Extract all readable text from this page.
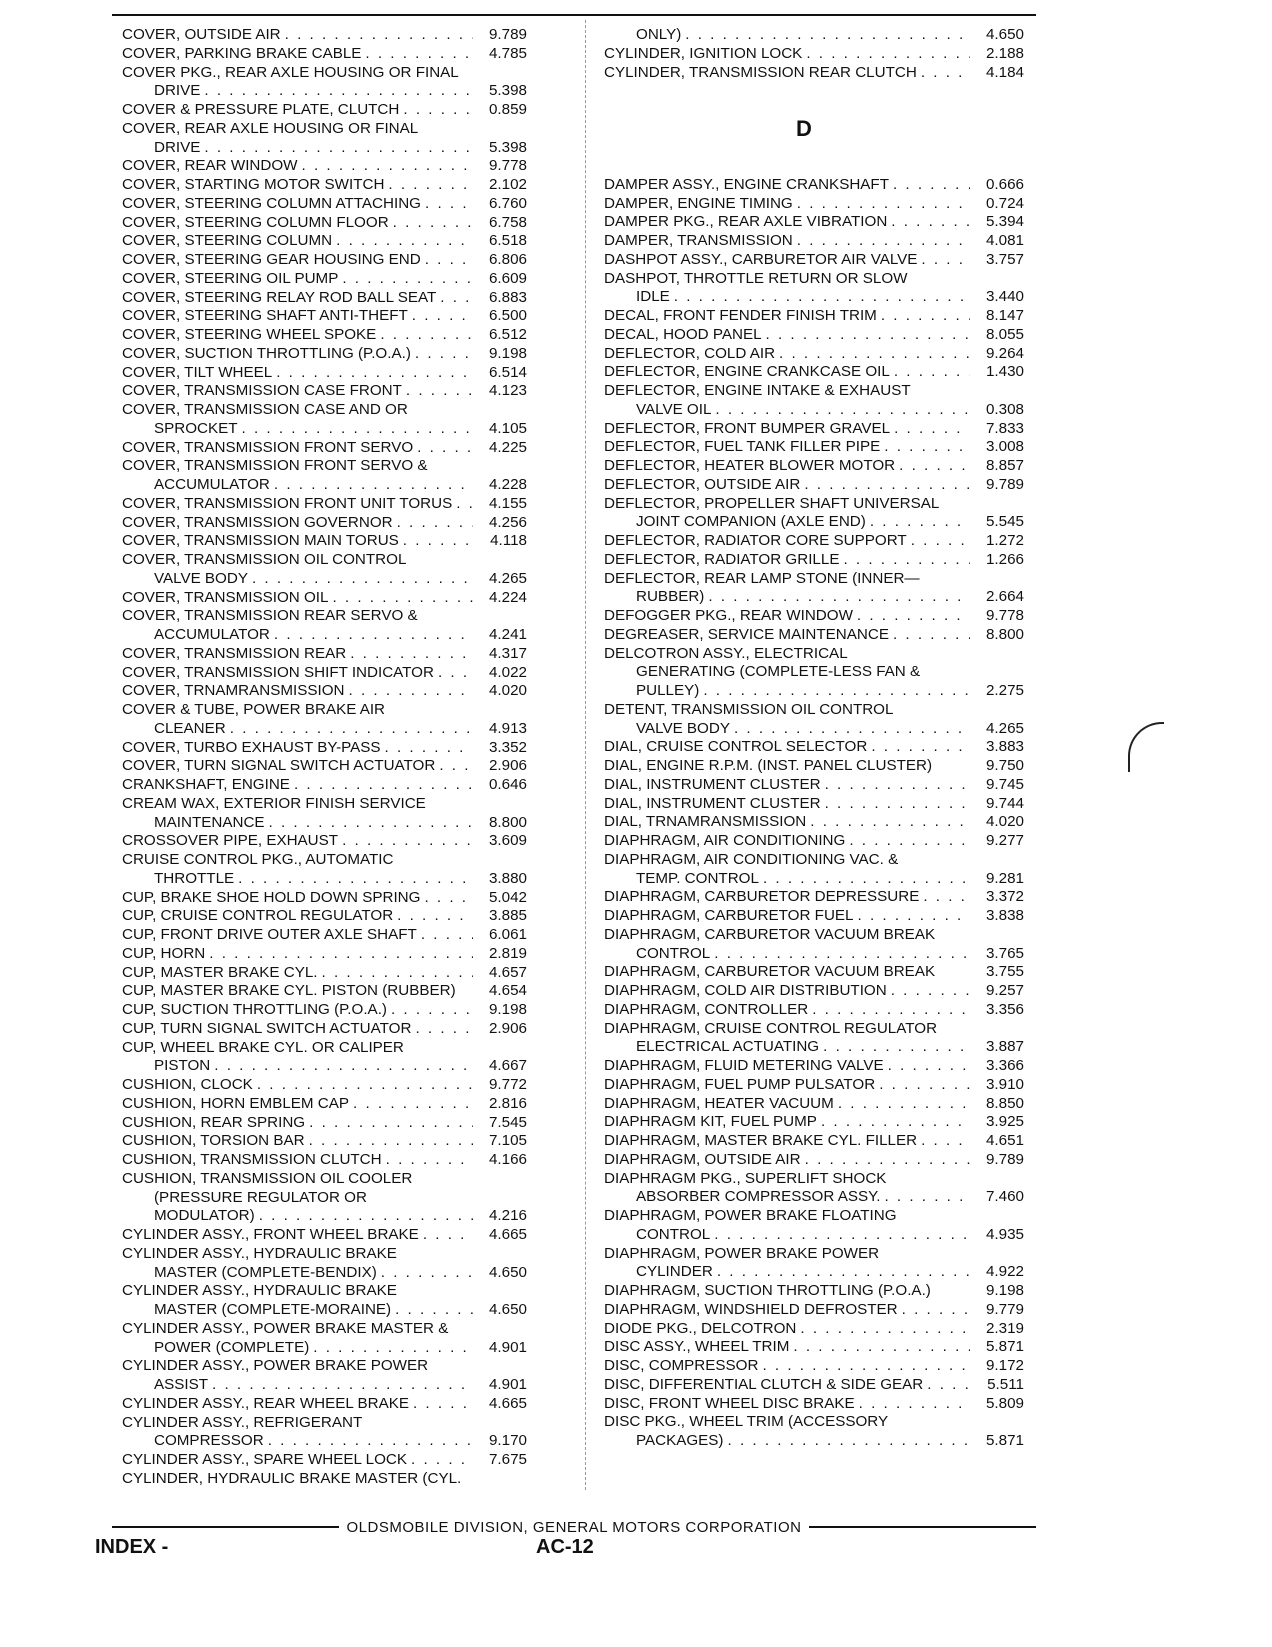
COVER, OUTSIDE AIR . . .	9.789
COVER, PARKING BRAKE CABLE . . .	4.785
COVER PKG., REAR AXLE HOUSING OR FINAL
DRIVE . . .	5.398
COVER & PRESSURE PLATE, CLUTCH . . .	0.859
COVER, REAR AXLE HOUSING OR FINAL
DRIVE . . .	5.398
COVER, REAR WINDOW . . .	9.778
COVER, STARTING MOTOR SWITCH . . .	2.102
COVER, STEERING COLUMN ATTACHING . . .	6.760
COVER, STEERING COLUMN FLOOR . . .	6.758
COVER, STEERING COLUMN . . .	6.518
COVER, STEERING GEAR HOUSING END . . .	6.806
COVER, STEERING OIL PUMP . . .	6.609
COVER, STEERING RELAY ROD BALL SEAT . . .	6.883
COVER, STEERING SHAFT ANTI-THEFT . . .	6.500
COVER, STEERING WHEEL SPOKE . . .	6.512
COVER, SUCTION THROTTLING (P.O.A.) . . .	9.198
COVER, TILT WHEEL . . .	6.514
COVER, TRANSMISSION CASE FRONT . . .	4.123
COVER, TRANSMISSION CASE AND OR
SPROCKET . . .	4.105
COVER, TRANSMISSION FRONT SERVO . . .	4.225
COVER, TRANSMISSION FRONT SERVO &
ACCUMULATOR . . .	4.228
COVER, TRANSMISSION FRONT UNIT TORUS . . .	4.155
COVER, TRANSMISSION GOVERNOR . . .	4.256
COVER, TRANSMISSION MAIN TORUS . . .	4.118
COVER, TRANSMISSION OIL CONTROL
VALVE BODY . . .	4.265
COVER, TRANSMISSION OIL . . .	4.224
COVER, TRANSMISSION REAR SERVO &
ACCUMULATOR . . .	4.241
COVER, TRANSMISSION REAR . . .	4.317
COVER, TRANSMISSION SHIFT INDICATOR . . .	4.022
COVER, TRNAMRANSMISSION . . .	4.020
COVER & TUBE, POWER BRAKE AIR
CLEANER . . .	4.913
COVER, TURBO EXHAUST BY-PASS . . .	3.352
COVER, TURN SIGNAL SWITCH ACTUATOR . . .	2.906
CRANKSHAFT, ENGINE . . .	0.646
CREAM WAX, EXTERIOR FINISH SERVICE
MAINTENANCE . . .	8.800
CROSSOVER PIPE, EXHAUST . . .	3.609
CRUISE CONTROL PKG., AUTOMATIC
THROTTLE . . .	3.880
CUP, BRAKE SHOE HOLD DOWN SPRING . . .	5.042
CUP, CRUISE CONTROL REGULATOR . . .	3.885
CUP, FRONT DRIVE OUTER AXLE SHAFT . . .	6.061
CUP, HORN . . .	2.819
CUP, MASTER BRAKE CYL. . . .	4.657
CUP, MASTER BRAKE CYL. PISTON (RUBBER)	4.654
CUP, SUCTION THROTTLING (P.O.A.) . . .	9.198
CUP, TURN SIGNAL SWITCH ACTUATOR . . .	2.906
CUP, WHEEL BRAKE CYL. OR CALIPER
PISTON . . .	4.667
CUSHION, CLOCK . . .	9.772
CUSHION, HORN EMBLEM CAP . . .	2.816
CUSHION, REAR SPRING . . .	7.545
CUSHION, TORSION BAR . . .	7.105
CUSHION, TRANSMISSION CLUTCH . . .	4.166
CUSHION, TRANSMISSION OIL COOLER
(PRESSURE REGULATOR OR
MODULATOR) . . .	4.216
CYLINDER ASSY., FRONT WHEEL BRAKE . . .	4.665
CYLINDER ASSY., HYDRAULIC BRAKE
MASTER (COMPLETE-BENDIX) . . .	4.650
CYLINDER ASSY., HYDRAULIC BRAKE
MASTER (COMPLETE-MORAINE) . . .	4.650
CYLINDER ASSY., POWER BRAKE MASTER &
POWER (COMPLETE) . . .	4.901
CYLINDER ASSY., POWER BRAKE POWER
ASSIST . . .	4.901
CYLINDER ASSY., REAR WHEEL BRAKE . . .	4.665
CYLINDER ASSY., REFRIGERANT
COMPRESSOR . . .	9.170
CYLINDER ASSY., SPARE WHEEL LOCK . . .	7.675
CYLINDER, HYDRAULIC BRAKE MASTER (CYL.
ONLY) . . .	4.650
CYLINDER, IGNITION LOCK . . .	2.188
CYLINDER, TRANSMISSION REAR CLUTCH . . .	4.184
D
DAMPER ASSY., ENGINE CRANKSHAFT . . .	0.666
DAMPER, ENGINE TIMING . . .	0.724
DAMPER PKG., REAR AXLE VIBRATION . . .	5.394
DAMPER, TRANSMISSION . . .	4.081
DASHPOT ASSY., CARBURETOR AIR VALVE . . .	3.757
DASHPOT, THROTTLE RETURN OR SLOW
IDLE . . .	3.440
DECAL, FRONT FENDER FINISH TRIM . . .	8.147
DECAL, HOOD PANEL . . .	8.055
DEFLECTOR, COLD AIR . . .	9.264
DEFLECTOR, ENGINE CRANKCASE OIL . . .	1.430
DEFLECTOR, ENGINE INTAKE & EXHAUST
VALVE OIL . . .	0.308
DEFLECTOR, FRONT BUMPER GRAVEL . . .	7.833
DEFLECTOR, FUEL TANK FILLER PIPE . . .	3.008
DEFLECTOR, HEATER BLOWER MOTOR . . .	8.857
DEFLECTOR, OUTSIDE AIR . . .	9.789
DEFLECTOR, PROPELLER SHAFT UNIVERSAL
JOINT COMPANION (AXLE END) . . .	5.545
DEFLECTOR, RADIATOR CORE SUPPORT . . .	1.272
DEFLECTOR, RADIATOR GRILLE . . .	1.266
DEFLECTOR, REAR LAMP STONE (INNER—
RUBBER) . . .	2.664
DEFOGGER PKG., REAR WINDOW . . .	9.778
DEGREASER, SERVICE MAINTENANCE . . .	8.800
DELCOTRON ASSY., ELECTRICAL
GENERATING (COMPLETE-LESS FAN &
PULLEY) . . .	2.275
DETENT, TRANSMISSION OIL CONTROL
VALVE BODY . . .	4.265
DIAL, CRUISE CONTROL SELECTOR . . .	3.883
DIAL, ENGINE R.P.M. (INST. PANEL CLUSTER)	9.750
DIAL, INSTRUMENT CLUSTER . . .	9.745
DIAL, INSTRUMENT CLUSTER . . .	9.744
DIAL, TRNAMRANSMISSION . . .	4.020
DIAPHRAGM, AIR CONDITIONING . . .	9.277
DIAPHRAGM, AIR CONDITIONING VAC. &
TEMP. CONTROL . . .	9.281
DIAPHRAGM, CARBURETOR DEPRESSURE . . .	3.372
DIAPHRAGM, CARBURETOR FUEL . . .	3.838
DIAPHRAGM, CARBURETOR VACUUM BREAK
CONTROL . . .	3.765
DIAPHRAGM, CARBURETOR VACUUM BREAK	3.755
DIAPHRAGM, COLD AIR DISTRIBUTION . . .	9.257
DIAPHRAGM, CONTROLLER . . .	3.356
DIAPHRAGM, CRUISE CONTROL REGULATOR
ELECTRICAL ACTUATING . . .	3.887
DIAPHRAGM, FLUID METERING VALVE . . .	3.366
DIAPHRAGM, FUEL PUMP PULSATOR . . .	3.910
DIAPHRAGM, HEATER VACUUM . . .	8.850
DIAPHRAGM KIT, FUEL PUMP . . .	3.925
DIAPHRAGM, MASTER BRAKE CYL. FILLER . . .	4.651
DIAPHRAGM, OUTSIDE AIR . . .	9.789
DIAPHRAGM PKG., SUPERLIFT SHOCK
ABSORBER COMPRESSOR ASSY. . . .	7.460
DIAPHRAGM, POWER BRAKE FLOATING
CONTROL . . .	4.935
DIAPHRAGM, POWER BRAKE POWER
CYLINDER . . .	4.922
DIAPHRAGM, SUCTION THROTTLING (P.O.A.)	9.198
DIAPHRAGM, WINDSHIELD DEFROSTER . . .	9.779
DIODE PKG., DELCOTRON . . .	2.319
DISC ASSY., WHEEL TRIM . . .	5.871
DISC, COMPRESSOR . . .	9.172
DISC, DIFFERENTIAL CLUTCH & SIDE GEAR . . .	5.511
DISC, FRONT WHEEL DISC BRAKE . . .	5.809
DISC PKG., WHEEL TRIM (ACCESSORY
PACKAGES) . . .	5.871
OLDSMOBILE DIVISION, GENERAL MOTORS CORPORATION
INDEX -	AC-12
